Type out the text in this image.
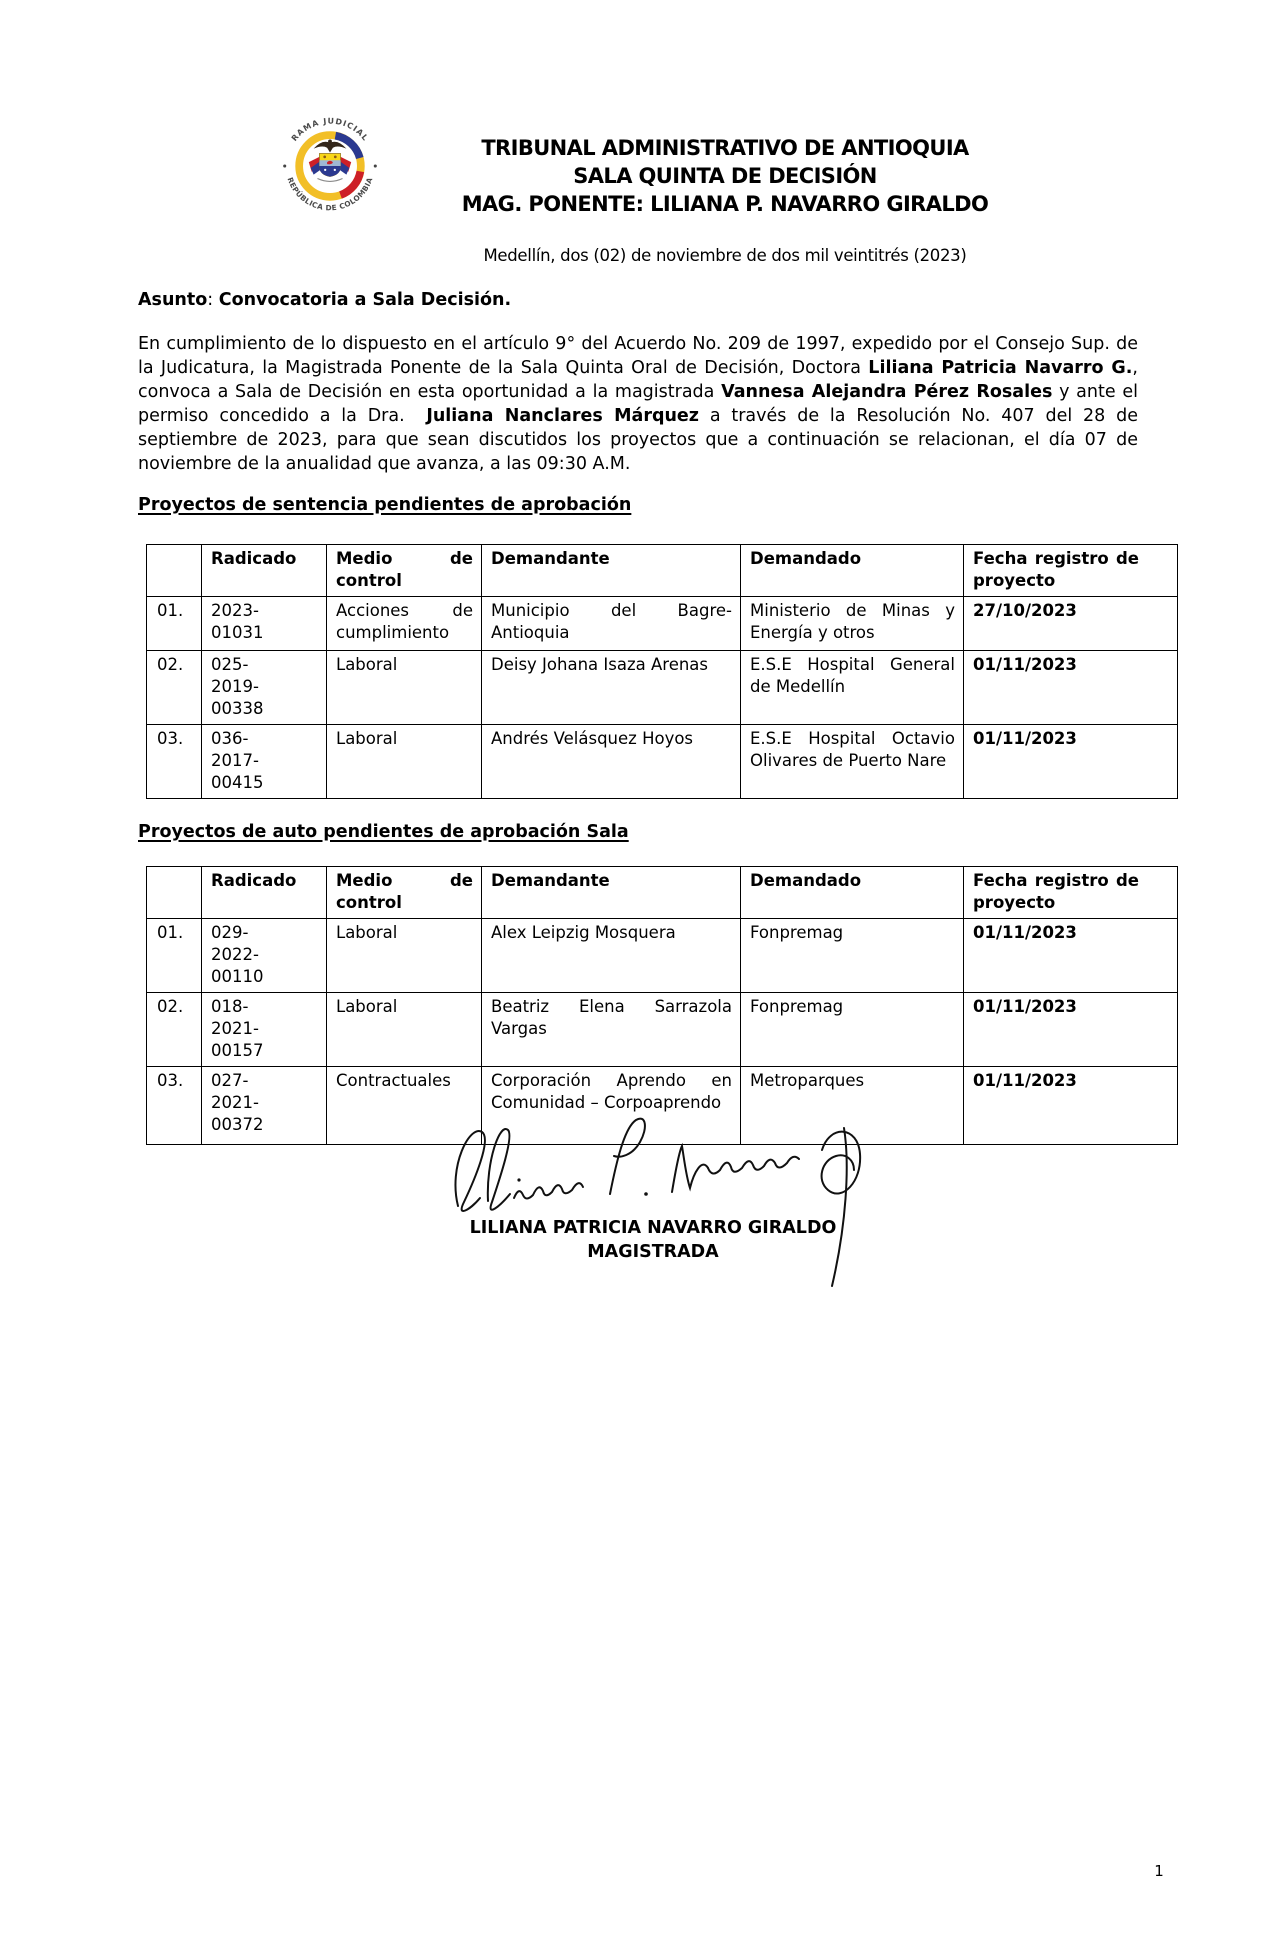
RAMA JUDICIAL
REPÚBLICA DE COLOMBIA
TRIBUNAL ADMINISTRATIVO DE ANTIOQUIA
SALA QUINTA DE DECISIÓN
MAG. PONENTE: LILIANA P. NAVARRO GIRALDO
Medellín, dos (02) de noviembre de dos mil veintitrés (2023)
Asunto: Convocatoria a Sala Decisión.
En cumplimiento de lo dispuesto en el artículo 9° del Acuerdo No. 209 de 1997, expedido por el Consejo Sup. de la Judicatura, la Magistrada Ponente de la Sala Quinta Oral de Decisión, Doctora Liliana Patricia Navarro G., convoca a Sala de Decisión en esta oportunidad a la magistrada Vannesa Alejandra Pérez Rosales y ante el permiso concedido a la Dra.  Juliana Nanclares Márquez a través de la Resolución No. 407 del 28 de septiembre de 2023, para que sean discutidos los proyectos que a continuación se relacionan, el día 07 de noviembre de la anualidad que avanza, a las 09:30 A.M.
Proyectos de sentencia pendientes de aprobación
	Radicado	Medio de control	Demandante	Demandado	Fecha registro de proyecto
01.	2023-01031	Acciones de cumplimiento	Municipio del Bagre- Antioquia	Ministerio de Minas y Energía y otros	27/10/2023
02.	025-2019-00338	Laboral	Deisy Johana Isaza Arenas	E.S.E Hospital General de Medellín	01/11/2023
03.	036-2017-00415	Laboral	Andrés Velásquez Hoyos	E.S.E Hospital Octavio Olivares de Puerto Nare	01/11/2023
Proyectos de auto pendientes de aprobación Sala
	Radicado	Medio de control	Demandante	Demandado	Fecha registro de proyecto
01.	029-2022-00110	Laboral	Alex Leipzig Mosquera	Fonpremag	01/11/2023
02.	018-2021-00157	Laboral	Beatriz Elena Sarrazola Vargas	Fonpremag	01/11/2023
03.	027-2021-00372	Contractuales	Corporación Aprendo en Comunidad – Corpoaprendo	Metroparques	01/11/2023
LILIANA PATRICIA NAVARRO GIRALDO
MAGISTRADA
1
